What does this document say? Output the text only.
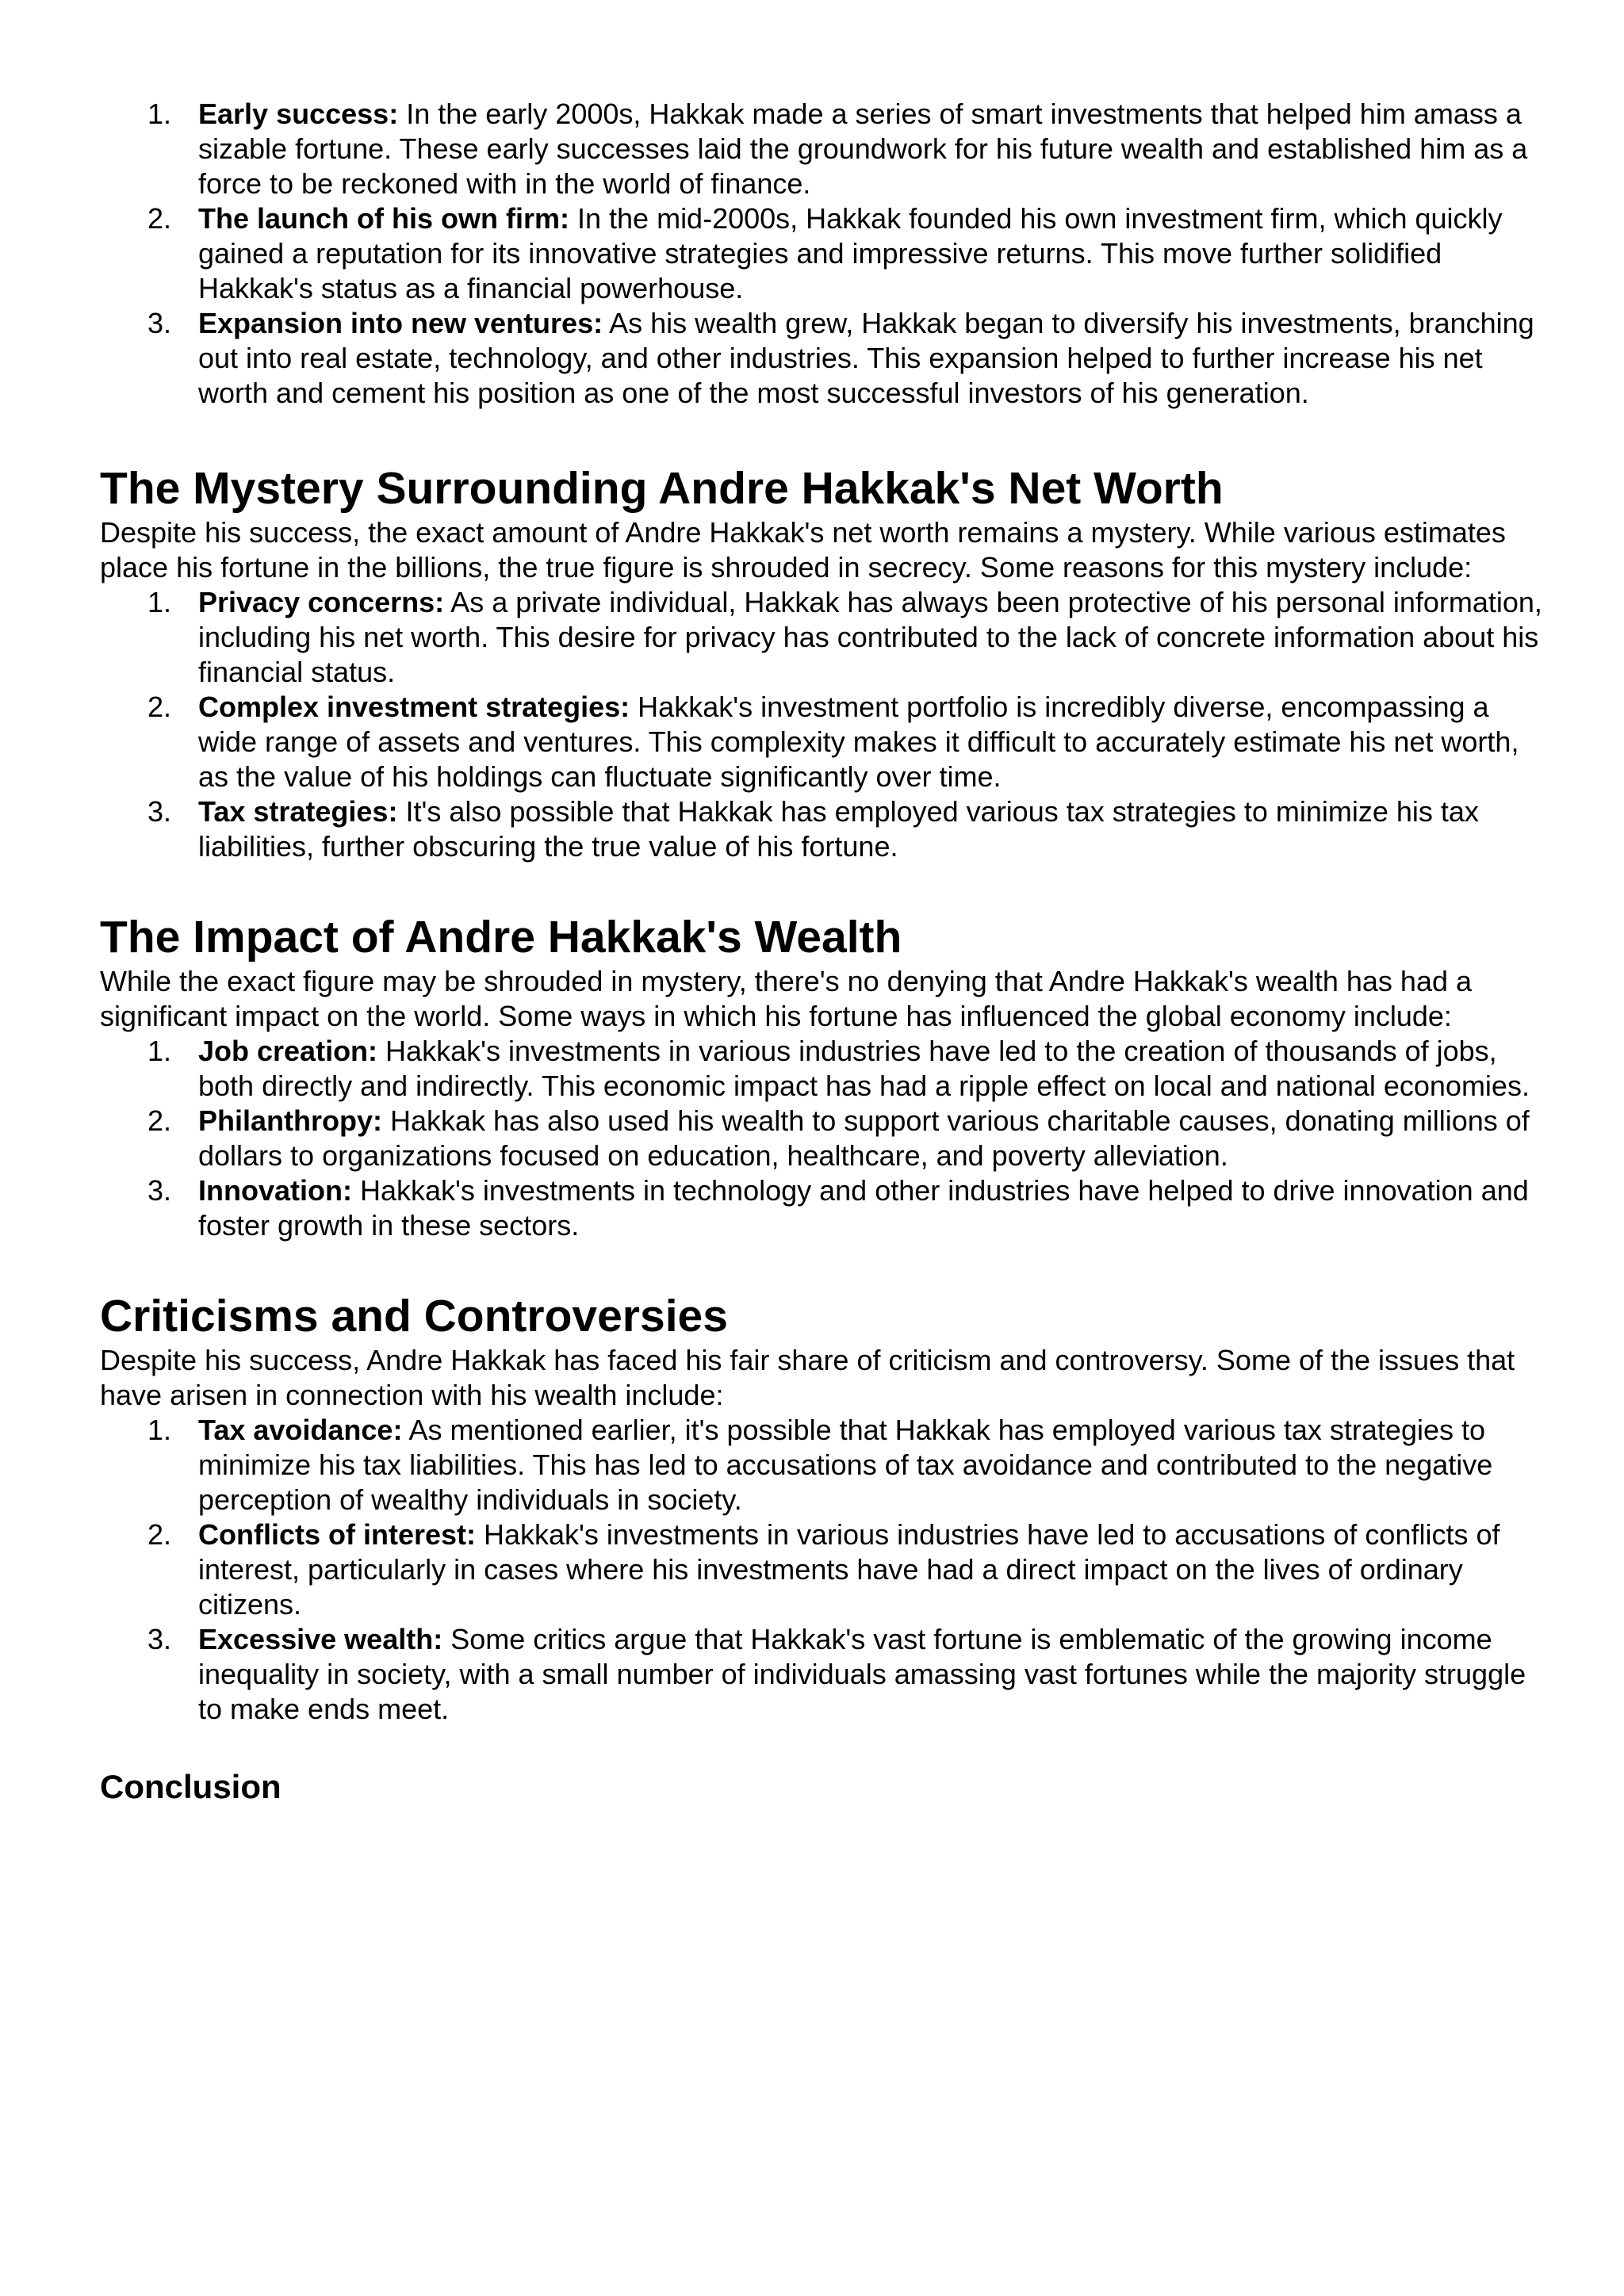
1. Early success: In the early 2000s, Hakkak made a series of smart investments that helped him amass a sizable fortune. These early successes laid the groundwork for his future wealth and established him as a force to be reckoned with in the world of finance.
2. The launch of his own firm: In the mid-2000s, Hakkak founded his own investment firm, which quickly gained a reputation for its innovative strategies and impressive returns. This move further solidified Hakkak's status as a financial powerhouse.
3. Expansion into new ventures: As his wealth grew, Hakkak began to diversify his investments, branching out into real estate, technology, and other industries. This expansion helped to further increase his net worth and cement his position as one of the most successful investors of his generation.
The Mystery Surrounding Andre Hakkak's Net Worth

Despite his success, the exact amount of Andre Hakkak's net worth remains a mystery. While various estimates place his fortune in the billions, the true figure is shrouded in secrecy. Some reasons for this mystery include:

1. Privacy concerns: As a private individual, Hakkak has always been protective of his personal information, including his net worth. This desire for privacy has contributed to the lack of concrete information about his financial status.
2. Complex investment strategies: Hakkak's investment portfolio is incredibly diverse, encompassing a wide range of assets and ventures. This complexity makes it difficult to accurately estimate his net worth, as the value of his holdings can fluctuate significantly over time.
3. Tax strategies: It's also possible that Hakkak has employed various tax strategies to minimize his tax liabilities, further obscuring the true value of his fortune.
The Impact of Andre Hakkak's Wealth

While the exact figure may be shrouded in mystery, there's no denying that Andre Hakkak's wealth has had a significant impact on the world. Some ways in which his fortune has influenced the global economy include:

1. Job creation: Hakkak's investments in various industries have led to the creation of thousands of jobs, both directly and indirectly. This economic impact has had a ripple effect on local and national economies.
2. Philanthropy: Hakkak has also used his wealth to support various charitable causes, donating millions of dollars to organizations focused on education, healthcare, and poverty alleviation.
3. Innovation: Hakkak's investments in technology and other industries have helped to drive innovation and foster growth in these sectors.
Criticisms and Controversies

Despite his success, Andre Hakkak has faced his fair share of criticism and controversy. Some of the issues that have arisen in connection with his wealth include:

1. Tax avoidance: As mentioned earlier, it's possible that Hakkak has employed various tax strategies to minimize his tax liabilities. This has led to accusations of tax avoidance and contributed to the negative perception of wealthy individuals in society.
2. Conflicts of interest: Hakkak's investments in various industries have led to accusations of conflicts of interest, particularly in cases where his investments have had a direct impact on the lives of ordinary citizens.
3. Excessive wealth: Some critics argue that Hakkak's vast fortune is emblematic of the growing income inequality in society, with a small number of individuals amassing vast fortunes while the majority struggle to make ends meet.
Conclusion
